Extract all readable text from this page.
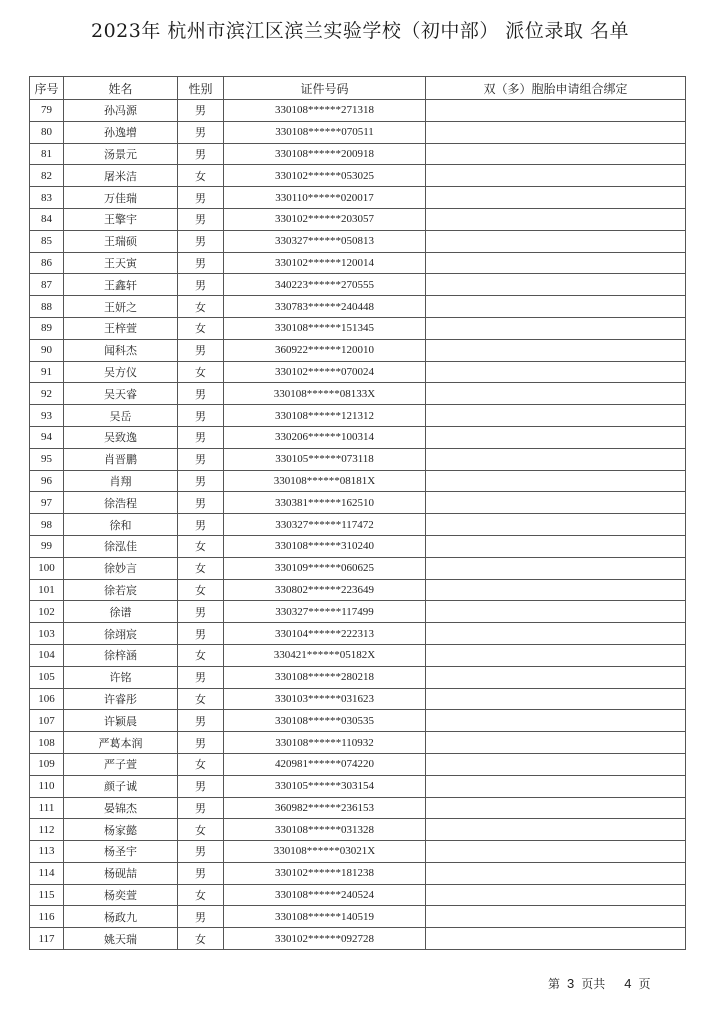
2023年 杭州市滨江区滨兰实验学校（初中部） 派位录取 名单
序号	姓名	性别	证件号码	双（多）胞胎申请组合绑定
79	孙冯源	男	330108******271318	
80	孙逸增	男	330108******070511	
81	汤景元	男	330108******200918	
82	屠米洁	女	330102******053025	
83	万佳瑞	男	330110******020017	
84	王擎宇	男	330102******203057	
85	王瑞硕	男	330327******050813	
86	王天寅	男	330102******120014	
87	王鑫轩	男	340223******270555	
88	王妍之	女	330783******240448	
89	王梓萱	女	330108******151345	
90	闻科杰	男	360922******120010	
91	吴方仪	女	330102******070024	
92	吴天睿	男	330108******08133X	
93	吴岳	男	330108******121312	
94	吴致逸	男	330206******100314	
95	肖晋鹏	男	330105******073118	
96	肖翔	男	330108******08181X	
97	徐浩程	男	330381******162510	
98	徐和	男	330327******117472	
99	徐泓佳	女	330108******310240	
100	徐妙言	女	330109******060625	
101	徐若宸	女	330802******223649	
102	徐谱	男	330327******117499	
103	徐翊宸	男	330104******222313	
104	徐梓涵	女	330421******05182X	
105	许铭	男	330108******280218	
106	许睿彤	女	330103******031623	
107	许颖晨	男	330108******030535	
108	严葛本润	男	330108******110932	
109	严子萱	女	420981******074220	
110	颜子诚	男	330105******303154	
111	晏锦杰	男	360982******236153	
112	杨家懿	女	330108******031328	
113	杨圣宇	男	330108******03021X	
114	杨砚喆	男	330102******181238	
115	杨奕萱	女	330108******240524	
116	杨政九	男	330108******140519	
117	姚天瑞	女	330102******092728	
第 3 页共 4 页
